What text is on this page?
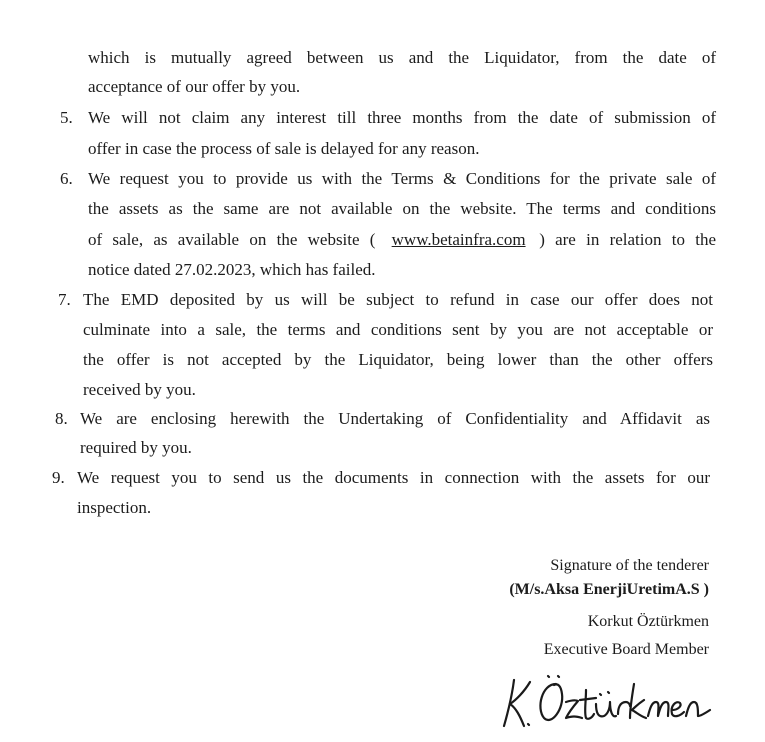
which is mutually agreed between us and the Liquidator, from the date of
acceptance of our offer by you.
5. We will not claim any interest till three months from the date of submission of
offer in case the process of sale is delayed for any reason.
6. We request you to provide us with the Terms & Conditions for the private sale of
the assets as the same are not available on the website. The terms and conditions
of sale, as available on the website ( www.betainfra.com ) are in relation to the
notice dated 27.02.2023, which has failed.
7. The EMD deposited by us will be subject to refund in case our offer does not
culminate into a sale, the terms and conditions sent by you are not acceptable or
the offer is not accepted by the Liquidator, being lower than the other offers
received by you.
8. We are enclosing herewith the Undertaking of Confidentiality and Affidavit as
required by you.
9. We request you to send us the documents in connection with the assets for our
inspection.
Signature of the tenderer
(M/s.Aksa EnerjiUretimA.S )
Korkut Öztürkmen
Executive Board Member
